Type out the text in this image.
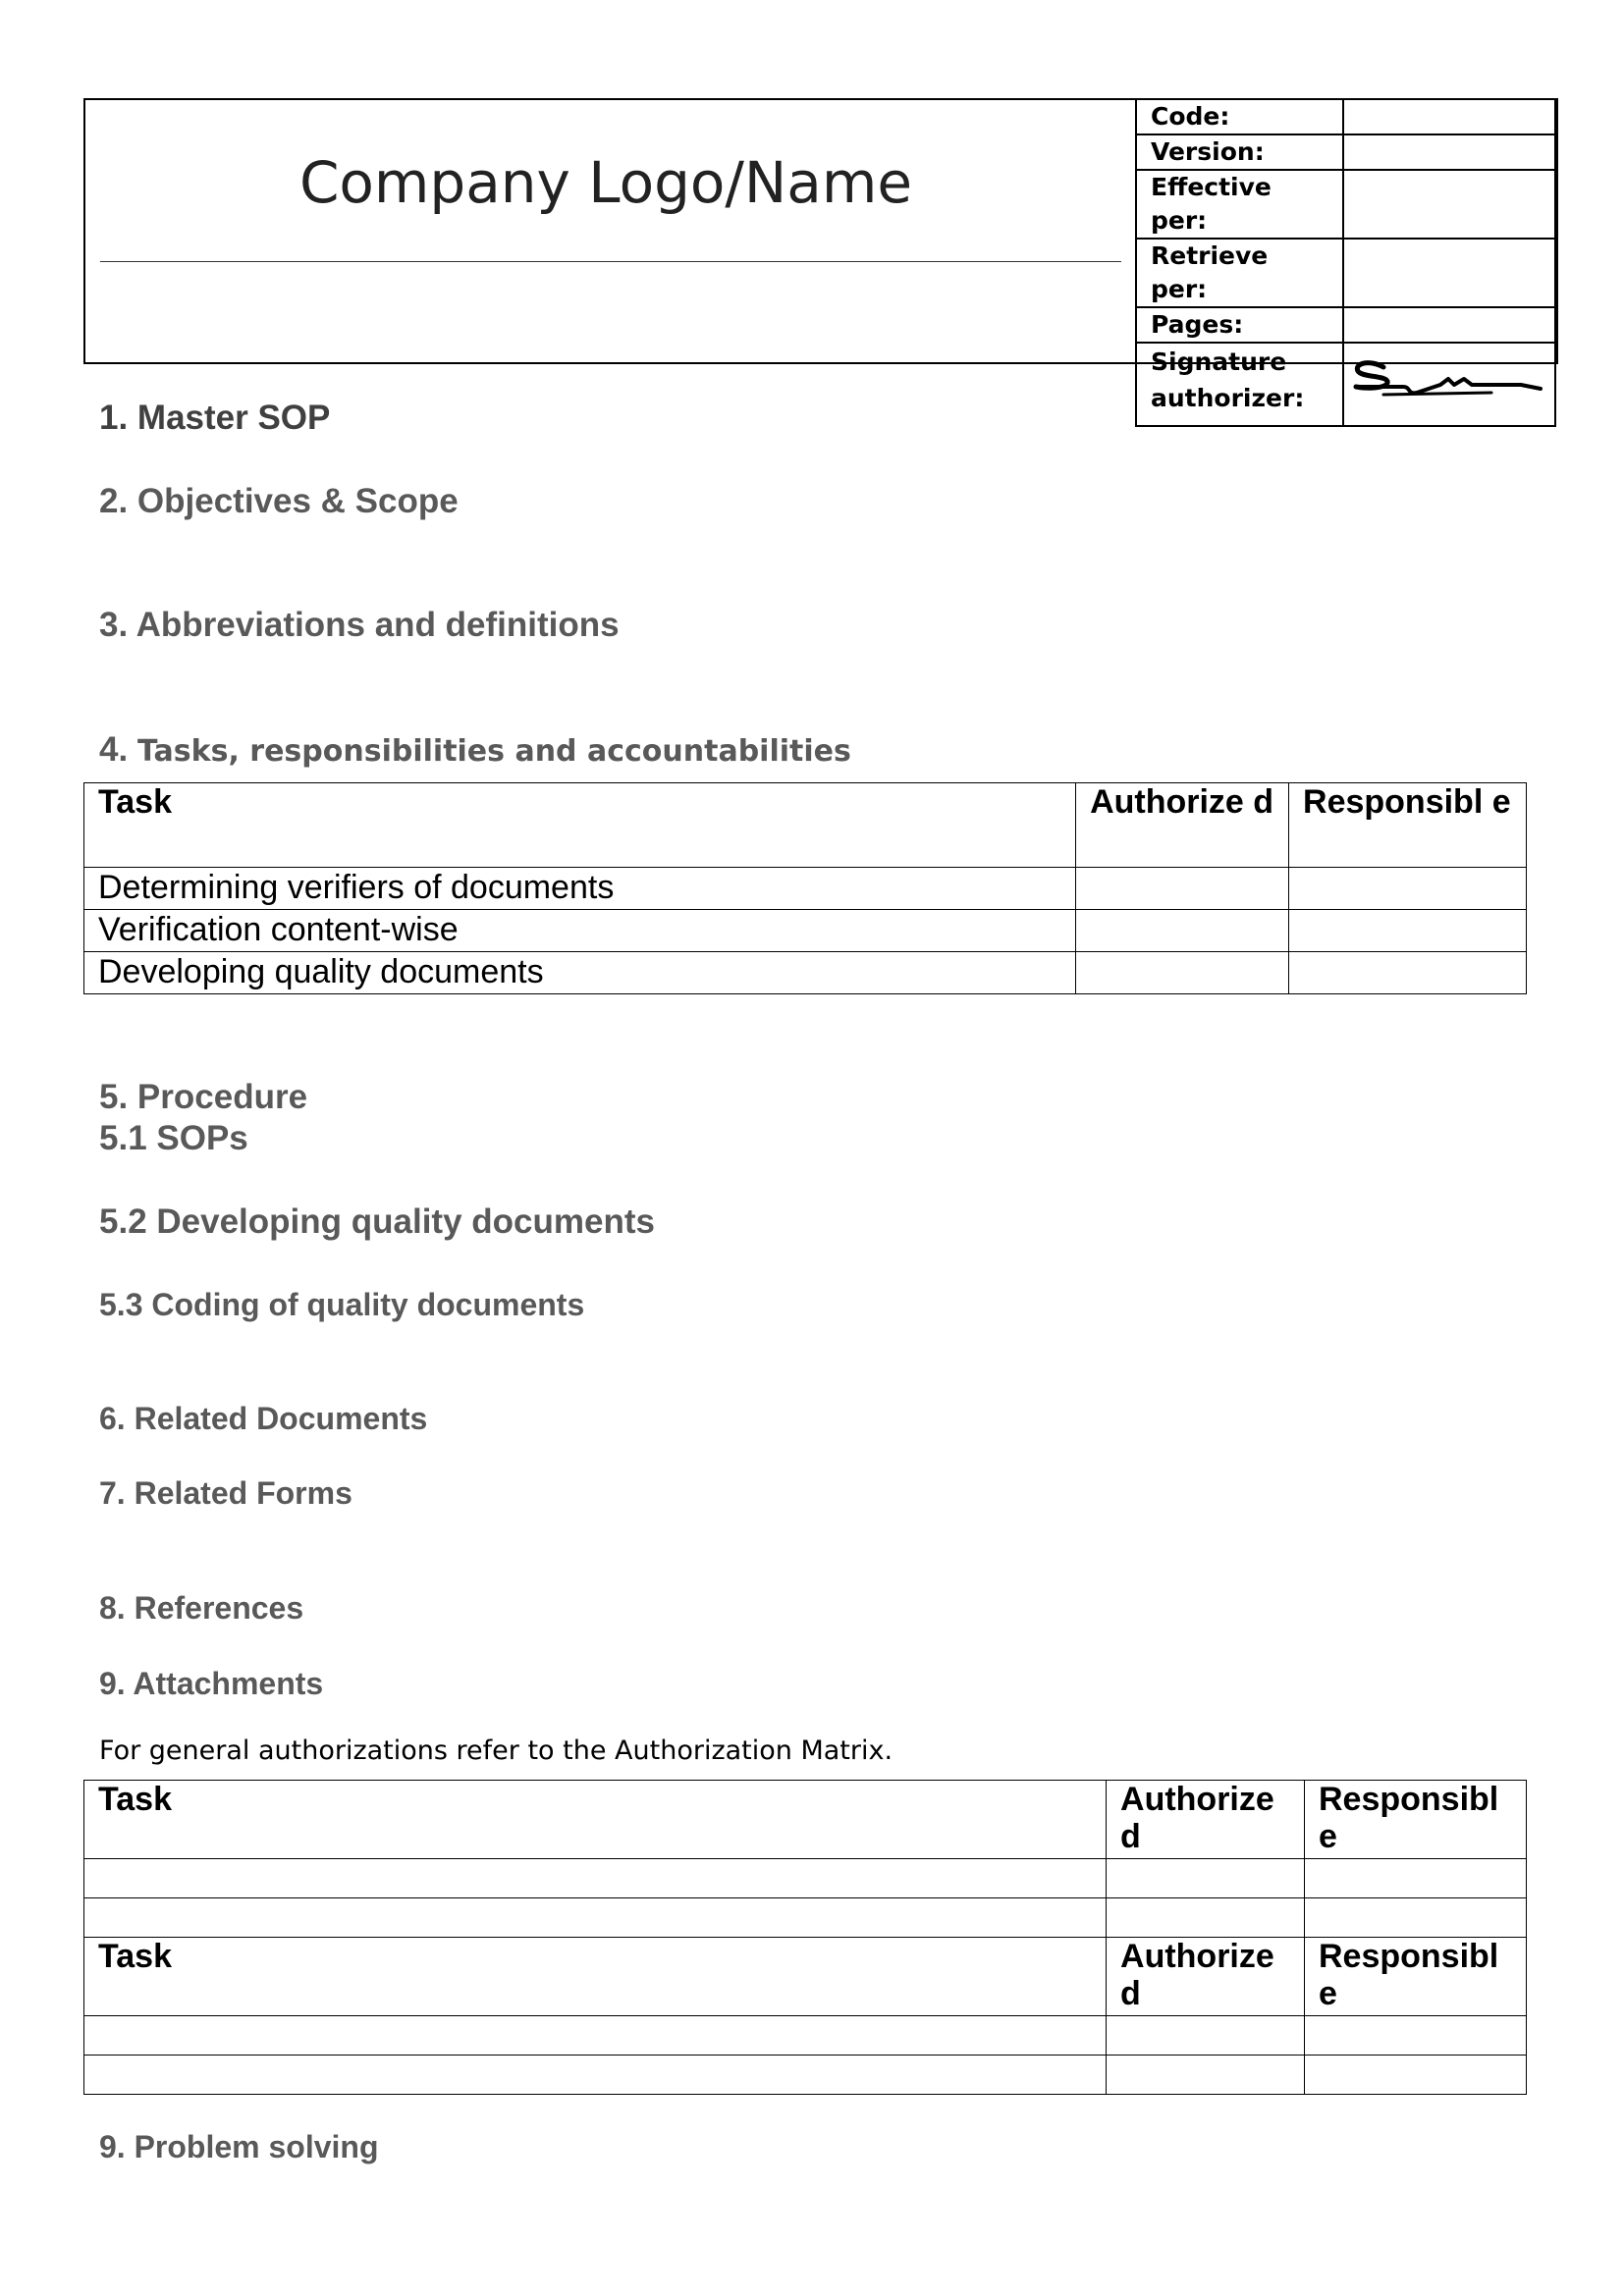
Company Logo/Name
Code:	
Version:	
Effective per:	
Retrieve per:	
Pages:	
Signature authorizer:	
1. Master SOP
2. Objectives & Scope
3. Abbreviations and definitions
4. Tasks, responsibilities and accountabilities
Task	Authorize d	Responsibl e
Determining verifiers of documents		
Verification content-wise		
Developing quality documents		
5. Procedure
5.1 SOPs
5.2 Developing quality documents
5.3 Coding of quality documents
6. Related Documents
7. Related Forms
8. References
9. Attachments
For general authorizations refer to the Authorization Matrix.
Task	Authorize d	Responsibl e

Task	Authorize d	Responsibl e

9. Problem solving
